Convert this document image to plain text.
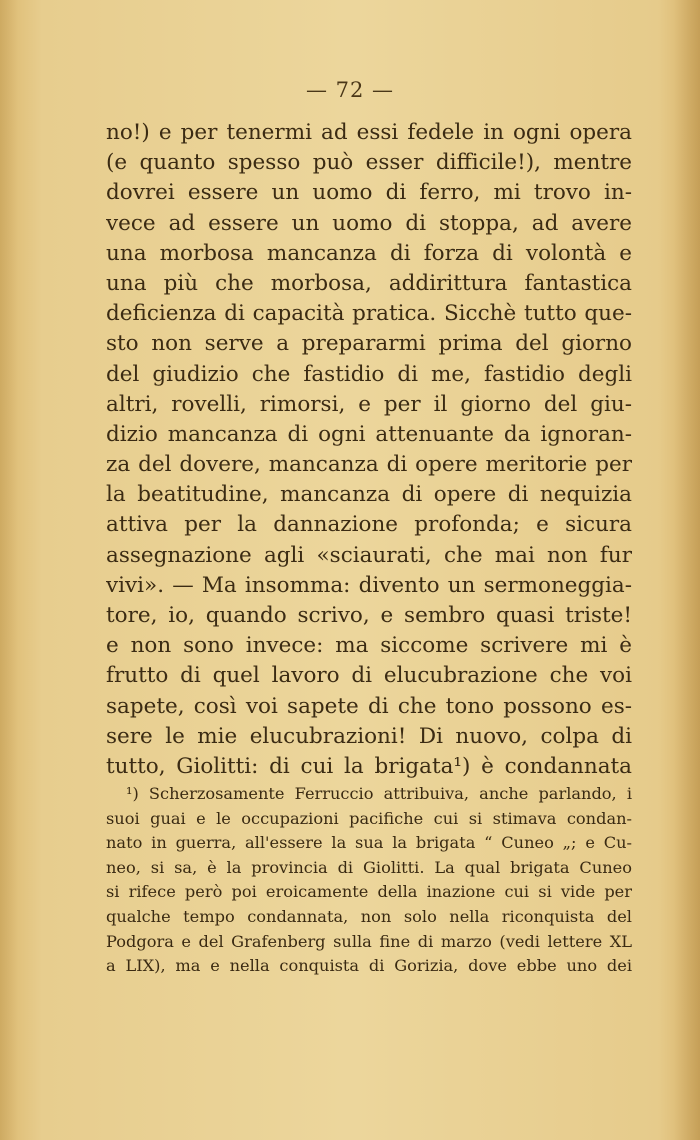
— 72 —
no!) e per tenermi ad essi fedele in ogni opera
(e quanto spesso può esser difficile!), mentre
dovrei essere un uomo di ferro, mi trovo in-
vece ad essere un uomo di stoppa, ad avere
una morbosa mancanza di forza di volontà e
una più che morbosa, addirittura fantastica
deficienza di capacità pratica. Sicchè tutto que-
sto non serve a prepararmi prima del giorno
del giudizio che fastidio di me, fastidio degli
altri, rovelli, rimorsi, e per il giorno del giu-
dizio mancanza di ogni attenuante da ignoran-
za del dovere, mancanza di opere meritorie per
la beatitudine, mancanza di opere di nequizia
attiva per la dannazione profonda; e sicura
assegnazione agli «sciaurati, che mai non fur
vivi». — Ma insomma: divento un sermoneggia-
tore, io, quando scrivo, e sembro quasi triste!
e non sono invece: ma siccome scrivere mi è
frutto di quel lavoro di elucubrazione che voi
sapete, così voi sapete di che tono possono es-
sere le mie elucubrazioni! Di nuovo, colpa di
tutto, Giolitti: di cui la brigata¹) è condannata
¹) Scherzosamente Ferruccio attribuiva, anche parlando, i
suoi guai e le occupazioni pacifiche cui si stimava condan-
nato in guerra, all'essere la sua la brigata “ Cuneo „; e Cu-
neo, si sa, è la provincia di Giolitti. La qual brigata Cuneo
si rifece però poi eroicamente della inazione cui si vide per
qualche tempo condannata, non solo nella riconquista del
Podgora e del Grafenberg sulla fine di marzo (vedi lettere XL
a LIX), ma e nella conquista di Gorizia, dove ebbe uno dei
